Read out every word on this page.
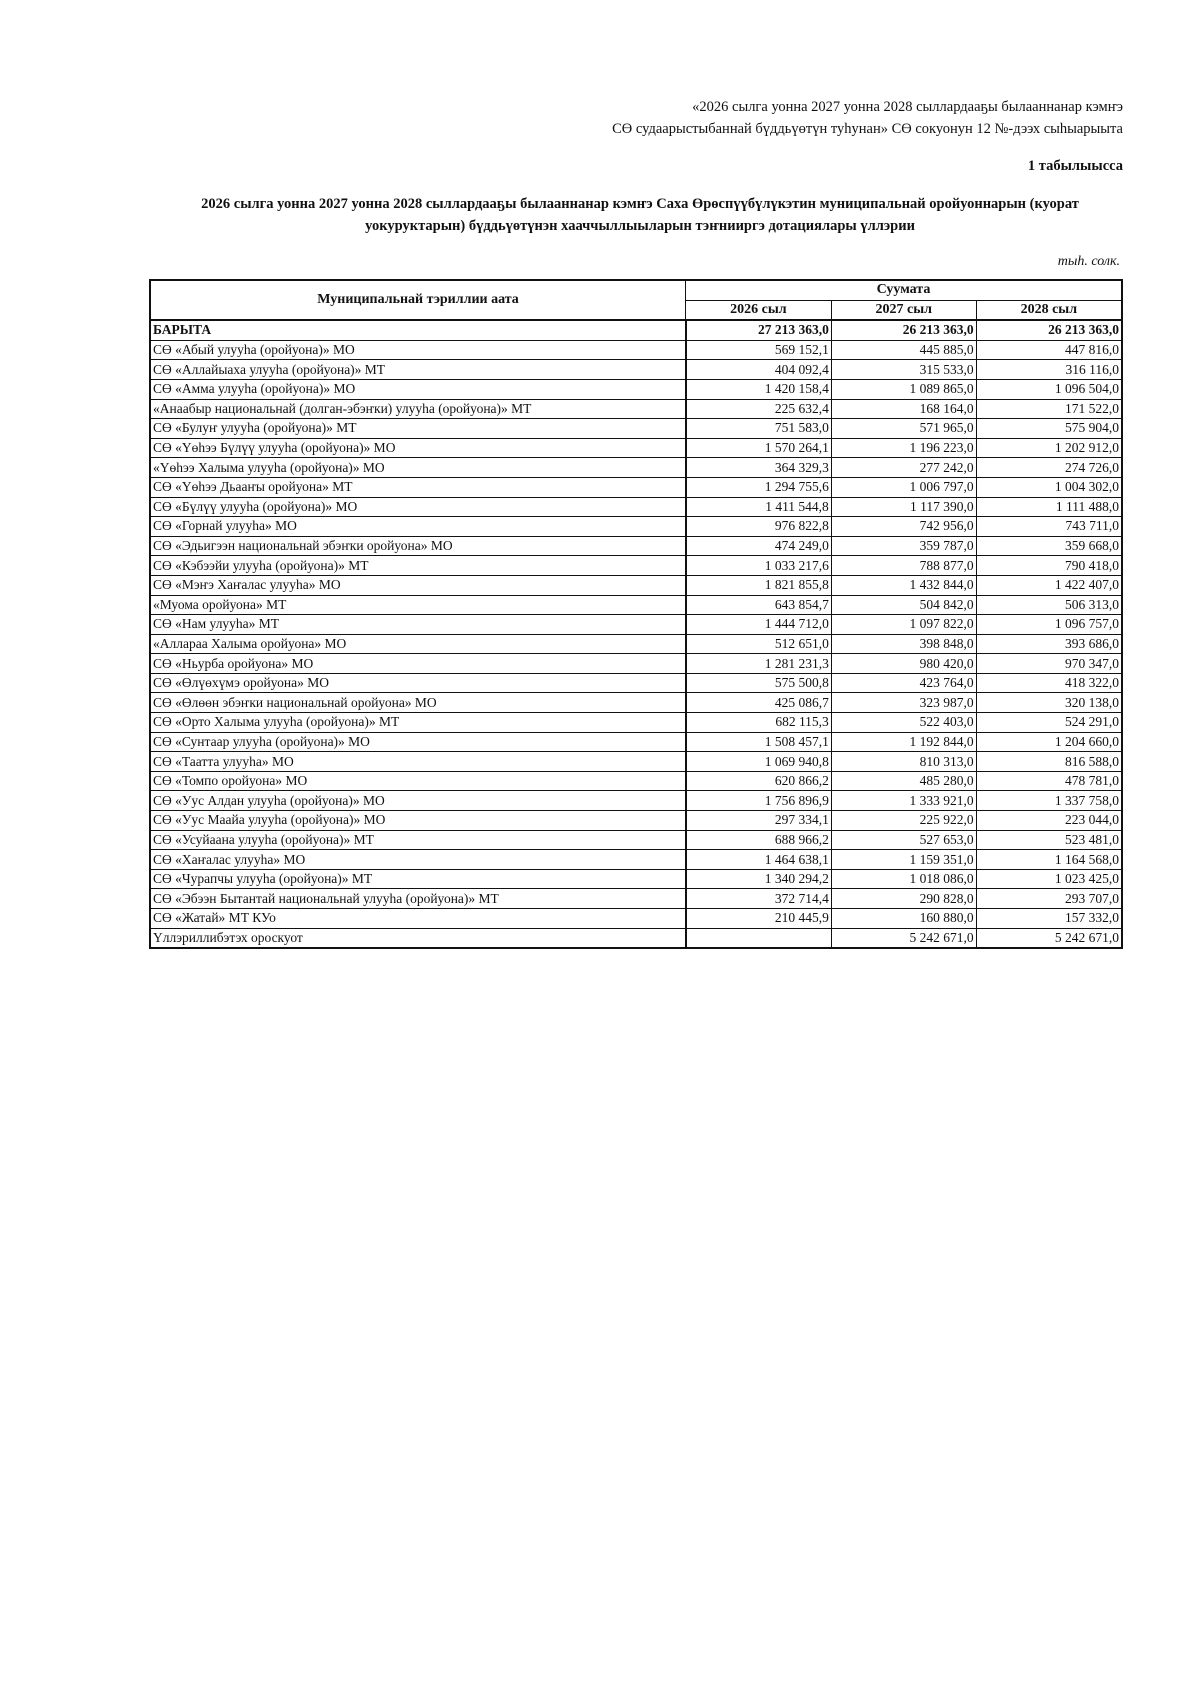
«2026 сылга уонна 2027 уонна 2028 сыллардааҕы былааннанар кэмҥэ
СӨ судаарыстыбаннай бүддьүөтүн туһунан» СӨ сокуонун 12 №-дээх сыһыарыыта
1 табылыысса
2026 сылга уонна 2027 уонна 2028 сыллардааҕы былааннанар кэмҥэ Саха Өрөспүүбүлүкэтин муниципальнай оройуоннарын (куорат
уокуруктарын) бүддьүөтүнэн хааччыллыыларын тэҥнииргэ дотациялары үллэрии
тыһ. солк.
Муниципальнай тэриллии аата	Суумата		
	2026 сыл	2027 сыл	2028 сыл
БАРЫТА	27 213 363,0	26 213 363,0	26 213 363,0
СӨ «Абый улууһа (оройуона)» МО	569 152,1	445 885,0	447 816,0
СӨ «Аллайыаха улууһа (оройуона)» МТ	404 092,4	315 533,0	316 116,0
СӨ «Амма улууһа (оройуона)» МО	1 420 158,4	1 089 865,0	1 096 504,0
«Анаабыр национальнай (долган-эбэҥки) улууһа (оройуона)» МТ	225 632,4	168 164,0	171 522,0
СӨ «Булуҥ улууһа (оройуона)» МТ	751 583,0	571 965,0	575 904,0
СӨ «Үөһээ Бүлүү улууһа (оройуона)» МО	1 570 264,1	1 196 223,0	1 202 912,0
«Үөһээ Халыма улууһа (оройуона)» МО	364 329,3	277 242,0	274 726,0
СӨ «Үөһээ Дьааҥы оройуона» МТ	1 294 755,6	1 006 797,0	1 004 302,0
СӨ «Бүлүү улууһа (оройуона)» МО	1 411 544,8	1 117 390,0	1 111 488,0
СӨ «Горнай улууһа» МО	976 822,8	742 956,0	743 711,0
СӨ «Эдьигээн национальнай эбэҥки оройуона» МО	474 249,0	359 787,0	359 668,0
СӨ «Кэбээйи улууһа (оройуона)» МТ	1 033 217,6	788 877,0	790 418,0
СӨ «Мэҥэ Хаҥалас улууһа» МО	1 821 855,8	1 432 844,0	1 422 407,0
«Муома оройуона» МТ	643 854,7	504 842,0	506 313,0
СӨ «Нам улууһа» МТ	1 444 712,0	1 097 822,0	1 096 757,0
«Аллараа Халыма оройуона» МО	512 651,0	398 848,0	393 686,0
СӨ «Ньурба оройуона» МО	1 281 231,3	980 420,0	970 347,0
СӨ «Өлүөхүмэ оройуона» МО	575 500,8	423 764,0	418 322,0
СӨ «Өлөөн эбэҥки национальнай оройуона» МО	425 086,7	323 987,0	320 138,0
СӨ «Орто Халыма улууһа (оройуона)» МТ	682 115,3	522 403,0	524 291,0
СӨ «Сунтаар улууһа (оройуона)» МО	1 508 457,1	1 192 844,0	1 204 660,0
СӨ «Таатта улууһа» МО	1 069 940,8	810 313,0	816 588,0
СӨ «Томпо оройуона» МО	620 866,2	485 280,0	478 781,0
СӨ «Уус Алдан улууһа (оройуона)» МО	1 756 896,9	1 333 921,0	1 337 758,0
СӨ «Уус Маайа улууһа (оройуона)» МО	297 334,1	225 922,0	223 044,0
СӨ «Усуйаана улууһа (оройуона)» МТ	688 966,2	527 653,0	523 481,0
СӨ «Хаҥалас улууһа» МО	1 464 638,1	1 159 351,0	1 164 568,0
СӨ «Чурапчы улууһа (оройуона)» МТ	1 340 294,2	1 018 086,0	1 023 425,0
СӨ «Эбээн Бытантай национальнай улууһа (оройуона)» МТ	372 714,4	290 828,0	293 707,0
СӨ «Жатай» МТ КУо	210 445,9	160 880,0	157 332,0
Үллэриллибэтэх ороскуот		5 242 671,0	5 242 671,0
